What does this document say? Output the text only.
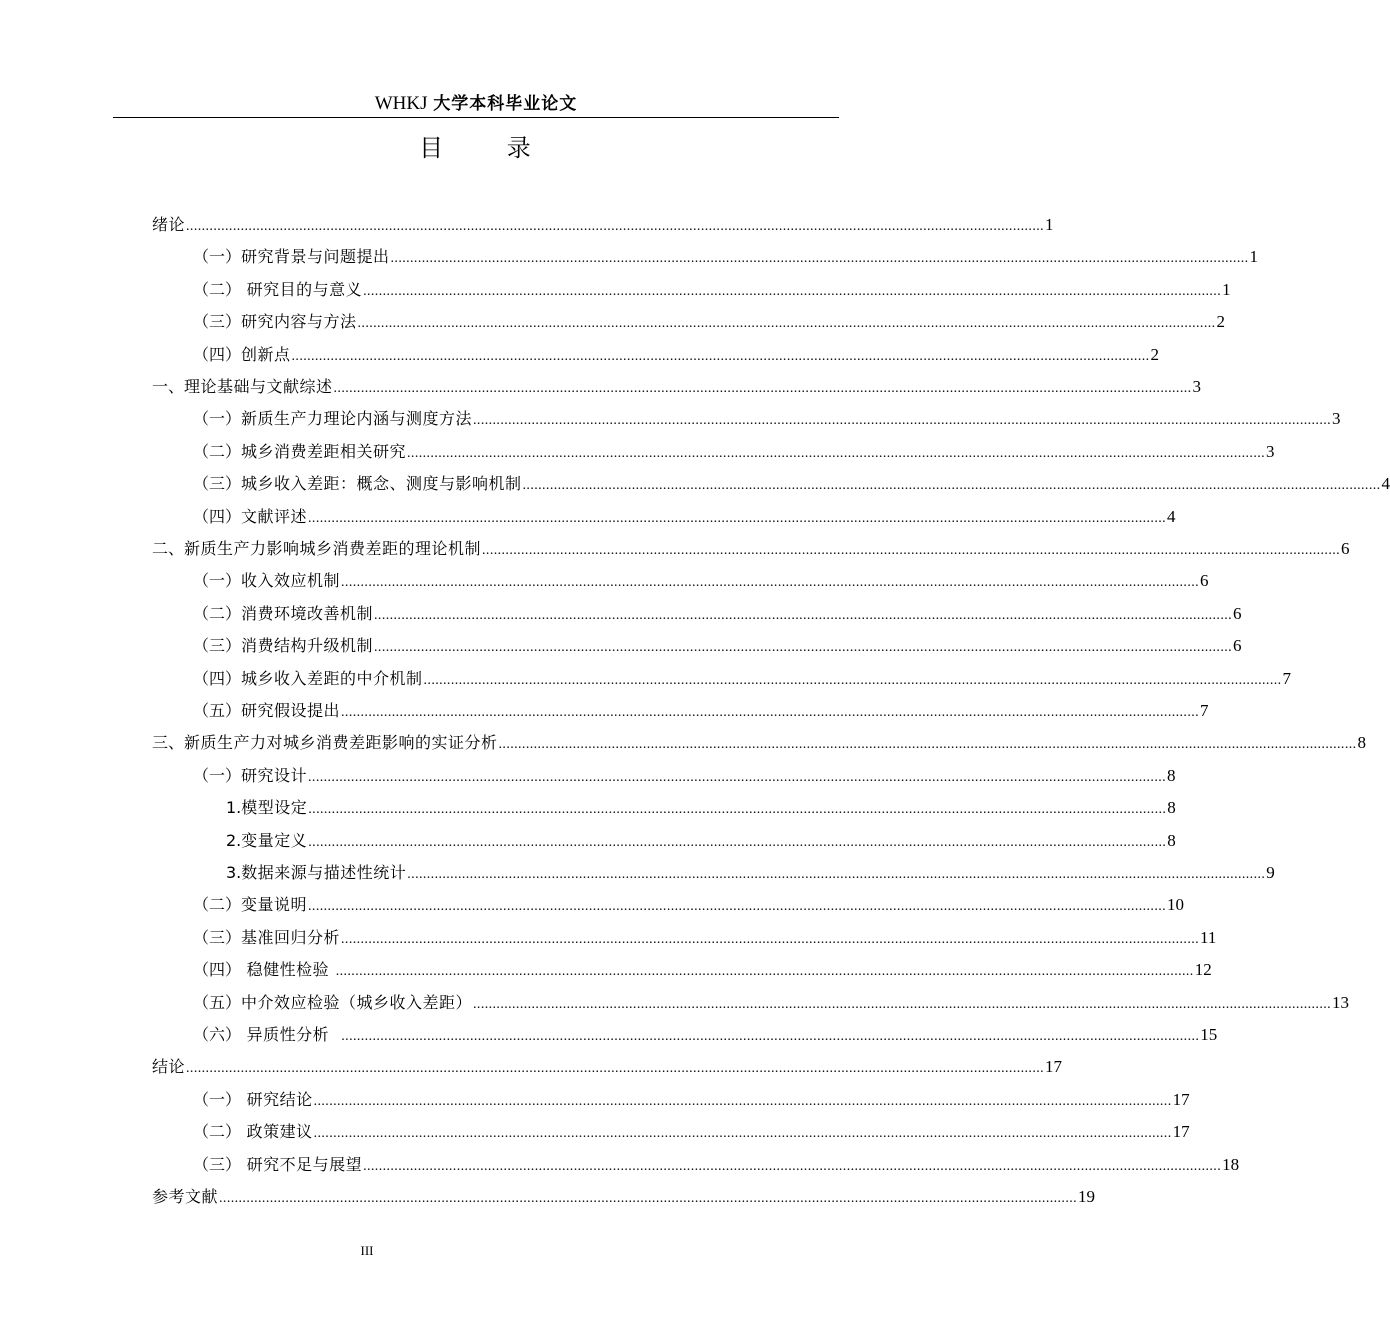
WHKJ 大学本科毕业论文
目 录
绪论 ............................................................................................................................................................................................................................ 1
（一） 研究背景与问题提出 ............................................................................................................................................................................................................................ 1
（二） 研究目的与意义 ............................................................................................................................................................................................................................ 1
（三） 研究内容与方法 ............................................................................................................................................................................................................................ 2
（四） 创新点 ............................................................................................................................................................................................................................ 2
一、 理论基础与文献综述 ............................................................................................................................................................................................................................ 3
（一） 新质生产力理论内涵与测度方法 ............................................................................................................................................................................................................................ 3
（二） 城乡消费差距相关研究 ............................................................................................................................................................................................................................ 3
（三） 城乡收入差距：概念、测度与影响机制 ............................................................................................................................................................................................................................ 4
（四） 文献评述 ............................................................................................................................................................................................................................ 4
二、 新质生产力影响城乡消费差距的理论机制 ............................................................................................................................................................................................................................ 6
（一） 收入效应机制 ............................................................................................................................................................................................................................ 6
（二） 消费环境改善机制 ............................................................................................................................................................................................................................ 6
（三） 消费结构升级机制 ............................................................................................................................................................................................................................ 6
（四） 城乡收入差距的中介机制 ............................................................................................................................................................................................................................ 7
（五） 研究假设提出 ............................................................................................................................................................................................................................ 7
三、 新质生产力对城乡消费差距影响的实证分析 ............................................................................................................................................................................................................................ 8
（一） 研究设计 ............................................................................................................................................................................................................................ 8
1. 模型设定 ............................................................................................................................................................................................................................ 8
2. 变量定义 ............................................................................................................................................................................................................................ 8
3. 数据来源与描述性统计 ............................................................................................................................................................................................................................ 9
（二） 变量说明 ............................................................................................................................................................................................................................ 10
（三） 基准回归分析 ............................................................................................................................................................................................................................ 11
（四） 稳健性检验 ............................................................................................................................................................................................................................ 12
（五） 中介效应检验（城乡收入差距） ............................................................................................................................................................................................................................ 13
（六） 异质性分析 ............................................................................................................................................................................................................................ 15
结论 ............................................................................................................................................................................................................................ 17
（一） 研究结论 ............................................................................................................................................................................................................................ 17
（二） 政策建议 ............................................................................................................................................................................................................................ 17
（三） 研究不足与展望 ............................................................................................................................................................................................................................ 18
参考文献 ............................................................................................................................................................................................................................ 19
III
